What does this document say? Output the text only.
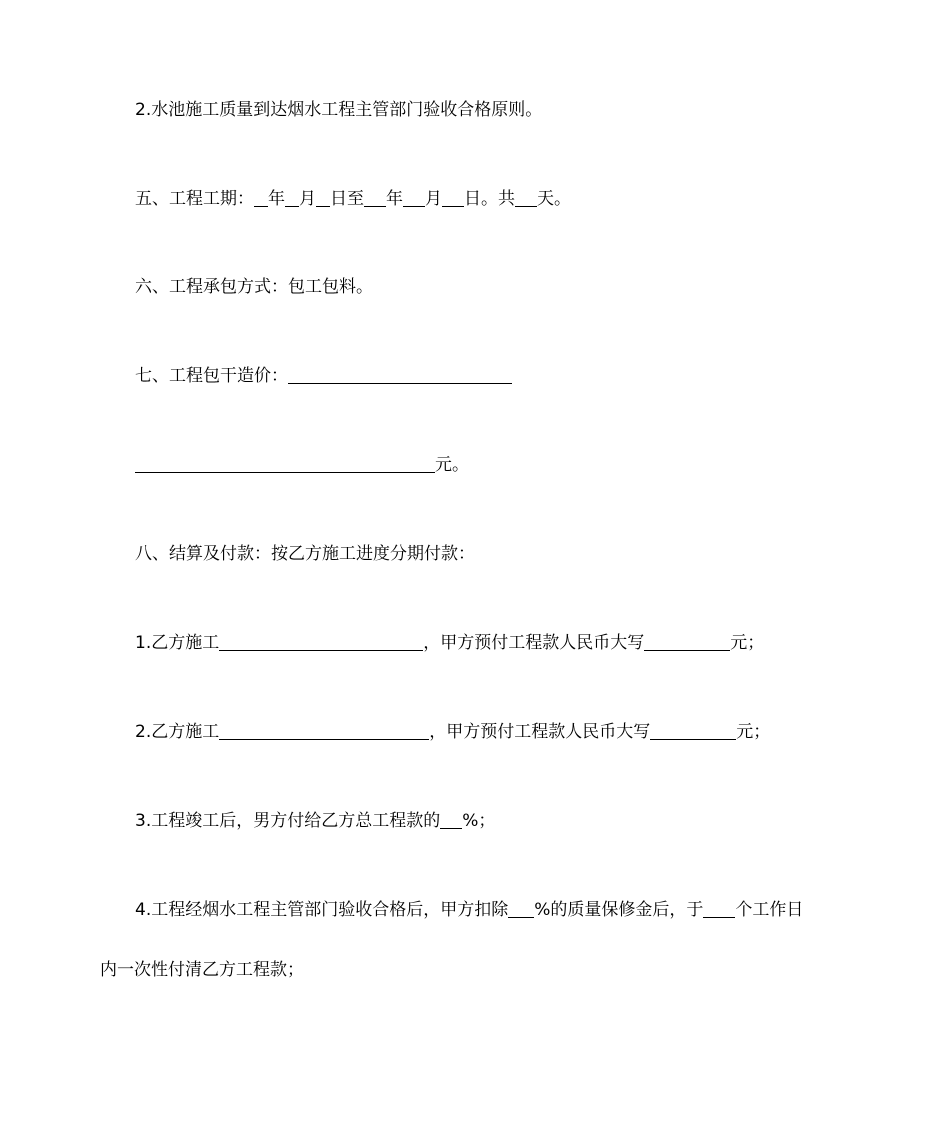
2.水池施工质量到达烟水工程主管部门验收合格原则。
五、工程工期： 年 月 日至 年 月 日。共 天。
六、工程承包方式：包工包料。
七、工程包干造价：
元。
八、结算及付款：按乙方施工进度分期付款：
1.乙方施工	，甲方预付工程款人民币大写	元；
2.乙方施工	，甲方预付工程款人民币大写	元；
3.工程竣工后，男方付给乙方总工程款的 %；
4.工程经烟水工程主管部门验收合格后，甲方扣除 %的质量保修金后，于 个工作日
内一次性付清乙方工程款；
